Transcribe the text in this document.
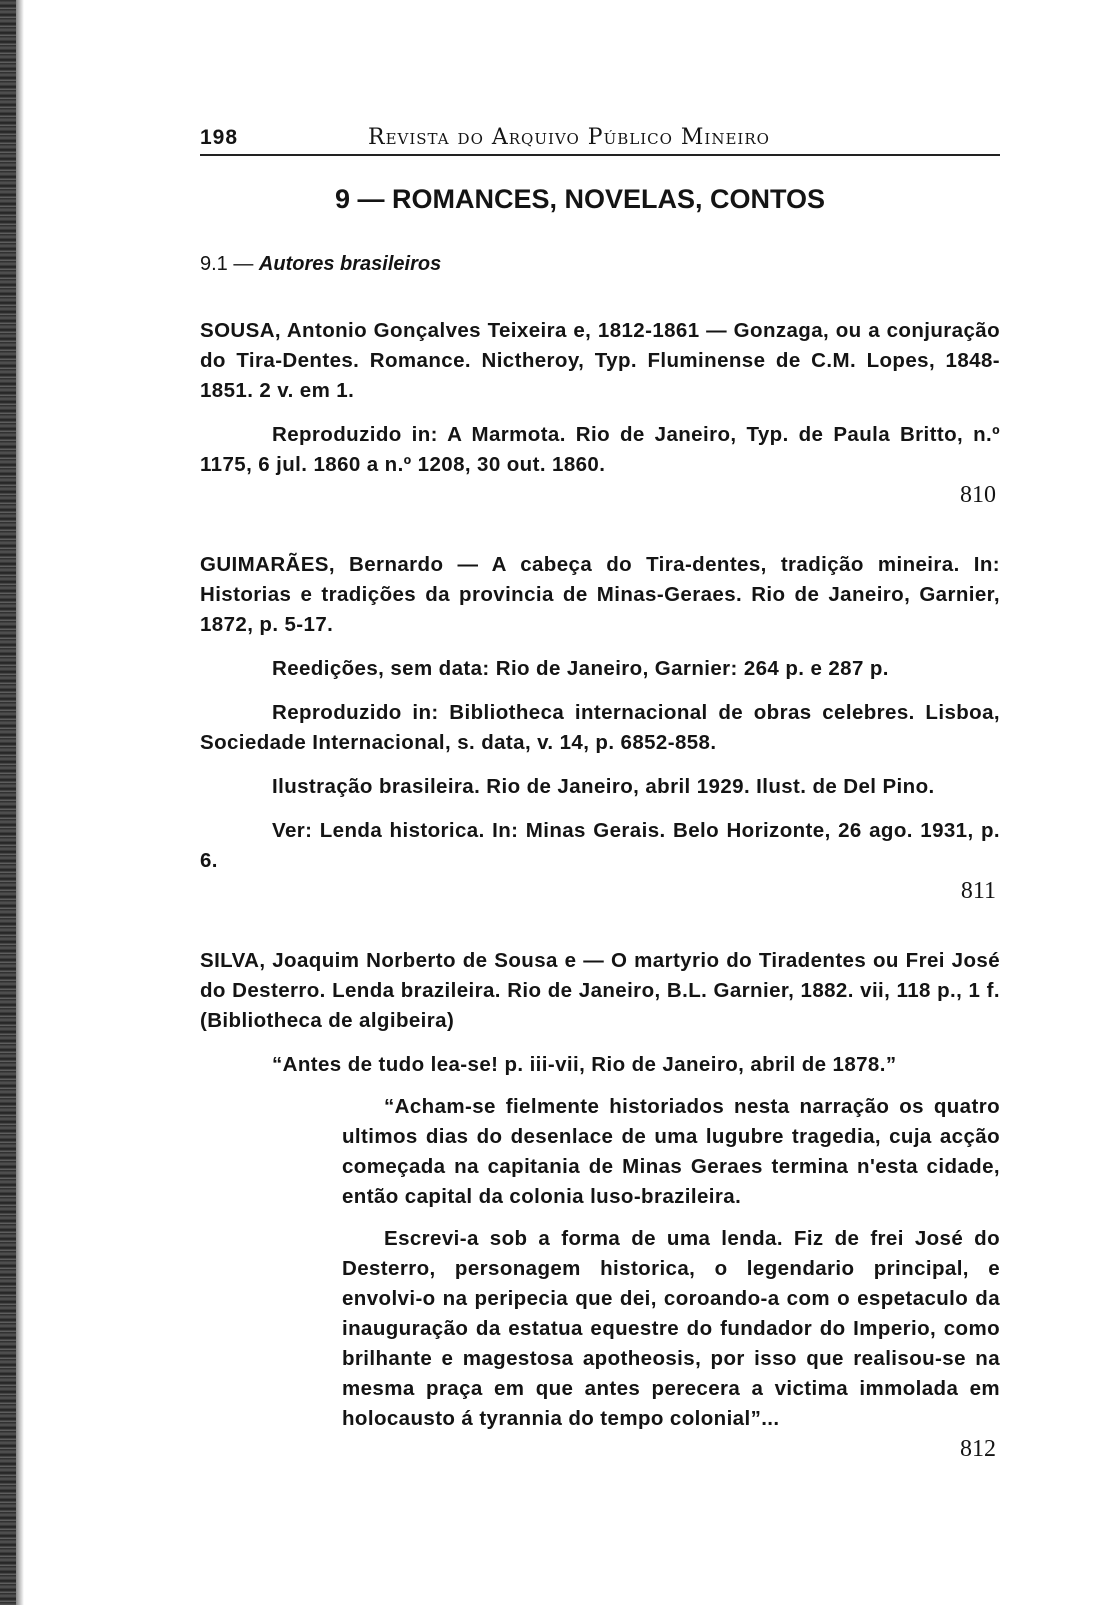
198	Revista do Arquivo Público Mineiro
9 — ROMANCES, NOVELAS, CONTOS
9.1 — Autores brasileiros

SOUSA, Antonio Gonçalves Teixeira e, 1812-1861 — Gonzaga, ou a conjuração do Tira-Dentes. Romance. Nictheroy, Typ. Fluminense de C.M. Lopes, 1848-1851. 2 v. em 1.

Reproduzido in: A Marmota. Rio de Janeiro, Typ. de Paula Britto, n.º 1175, 6 jul. 1860 a n.º 1208, 30 out. 1860.

810

GUIMARÃES, Bernardo — A cabeça do Tira-dentes, tradição mineira. In: Historias e tradições da provincia de Minas-Geraes. Rio de Janeiro, Garnier, 1872, p. 5-17.

Reedições, sem data: Rio de Janeiro, Garnier: 264 p. e 287 p.

Reproduzido in: Bibliotheca internacional de obras celebres. Lisboa, Sociedade Internacional, s. data, v. 14, p. 6852-858.

Ilustração brasileira. Rio de Janeiro, abril 1929. Ilust. de Del Pino.

Ver: Lenda historica. In: Minas Gerais. Belo Horizonte, 26 ago. 1931, p. 6.

811

SILVA, Joaquim Norberto de Sousa e — O martyrio do Tiradentes ou Frei José do Desterro. Lenda brazileira. Rio de Janeiro, B.L. Garnier, 1882. vii, 118 p., 1 f. (Bibliotheca de algibeira)

“Antes de tudo lea-se! p. iii-vii, Rio de Janeiro, abril de 1878.”

“Acham-se fielmente historiados nesta narração os quatro ultimos dias do desenlace de uma lugubre tragedia, cuja acção começada na capitania de Minas Geraes termina n'esta cidade, então capital da colonia luso-brazileira.

Escrevi-a sob a forma de uma lenda. Fiz de frei José do Desterro, personagem historica, o legendario principal, e envolvi-o na peripecia que dei, coroando-a com o espetaculo da inauguração da estatua equestre do fundador do Imperio, como brilhante e magestosa apotheosis, por isso que realisou-se na mesma praça em que antes perecera a victima immolada em holocausto á tyrannia do tempo colonial”...

812
